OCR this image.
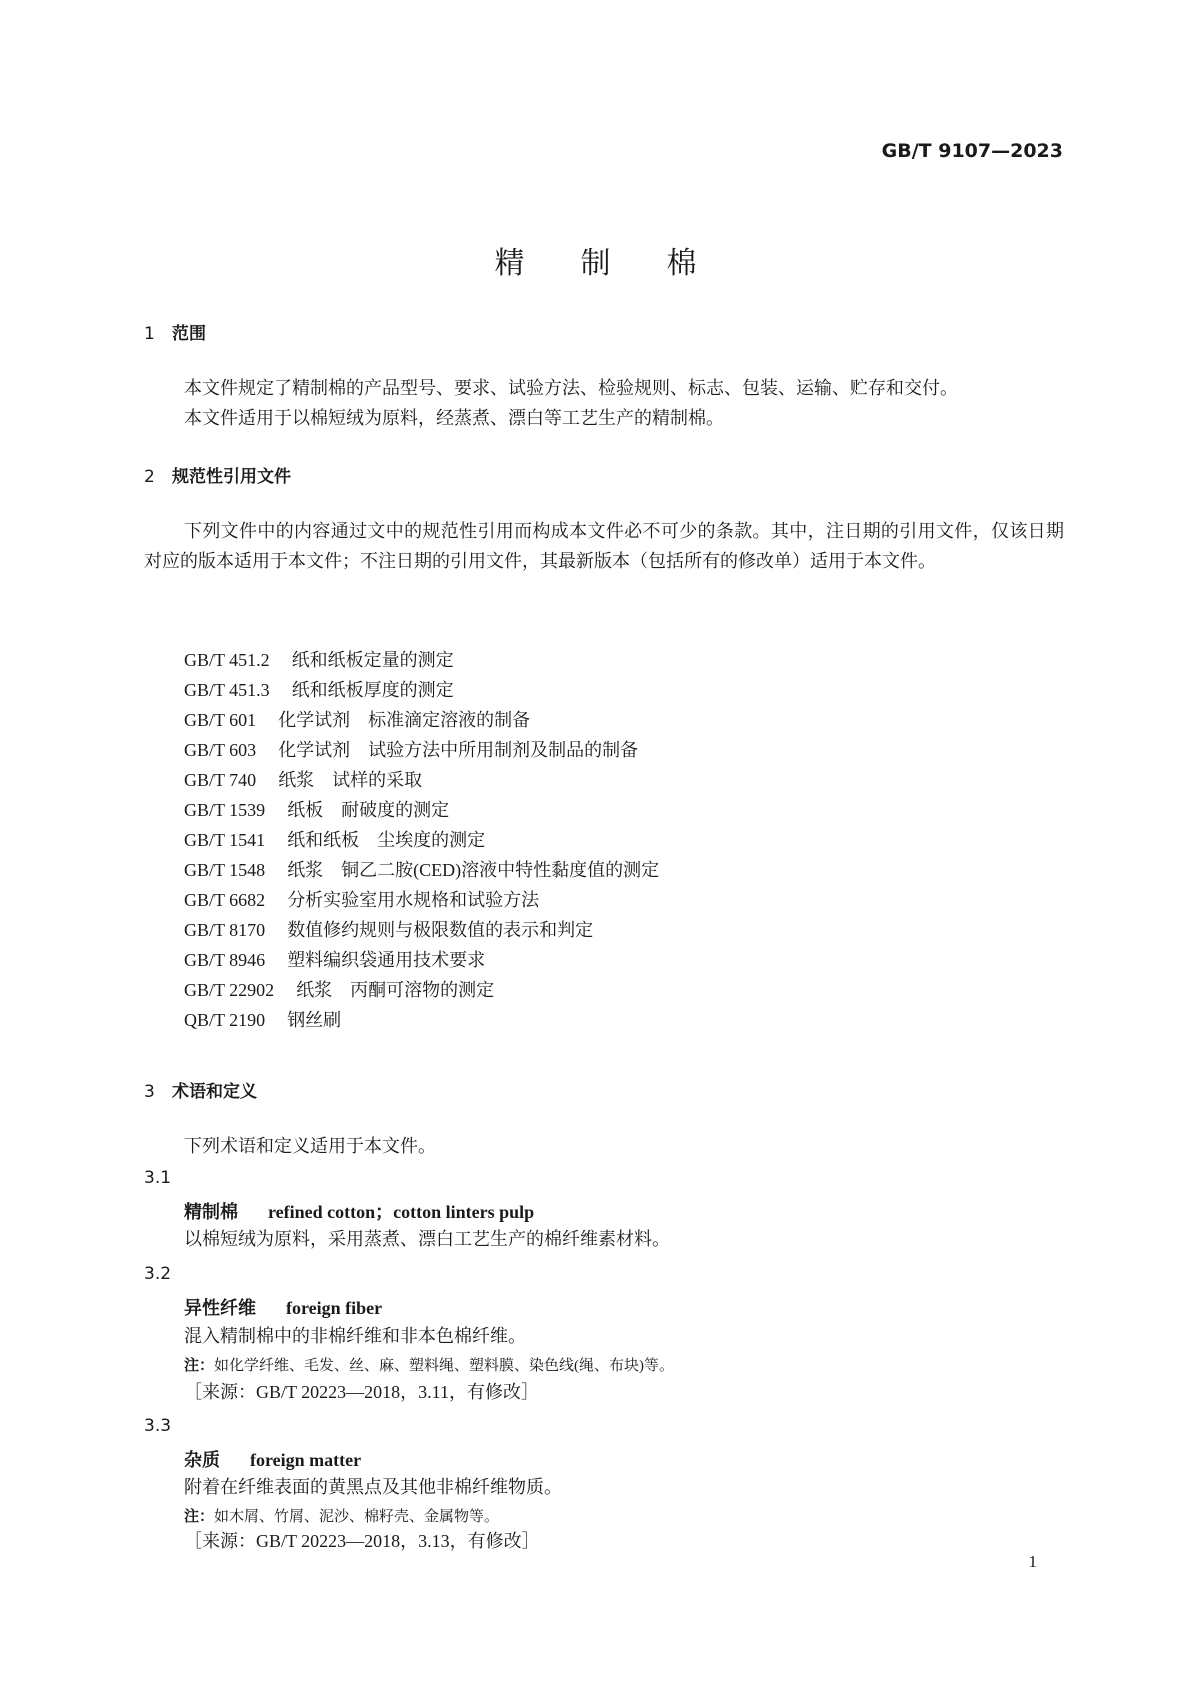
GB/T 9107—2023
精制棉
1 范围
本文件规定了精制棉的产品型号、要求、试验方法、检验规则、标志、包装、运输、贮存和交付。
本文件适用于以棉短绒为原料，经蒸煮、漂白等工艺生产的精制棉。
2 规范性引用文件
下列文件中的内容通过文中的规范性引用而构成本文件必不可少的条款。其中，注日期的引用文件，仅该日期对应的版本适用于本文件；不注日期的引用文件，其最新版本（包括所有的修改单）适用于本文件。
GB/T 451.2 纸和纸板定量的测定
GB/T 451.3 纸和纸板厚度的测定
GB/T 601 化学试剂　标准滴定溶液的制备
GB/T 603 化学试剂　试验方法中所用制剂及制品的制备
GB/T 740 纸浆　试样的采取
GB/T 1539 纸板　耐破度的测定
GB/T 1541 纸和纸板　尘埃度的测定
GB/T 1548 纸浆　铜乙二胺(CED)溶液中特性黏度值的测定
GB/T 6682 分析实验室用水规格和试验方法
GB/T 8170 数值修约规则与极限数值的表示和判定
GB/T 8946 塑料编织袋通用技术要求
GB/T 22902 纸浆　丙酮可溶物的测定
QB/T 2190 钢丝刷
3 术语和定义
下列术语和定义适用于本文件。
3.1
精制棉 refined cotton；cotton linters pulp
以棉短绒为原料，采用蒸煮、漂白工艺生产的棉纤维素材料。
3.2
异性纤维 foreign fiber
混入精制棉中的非棉纤维和非本色棉纤维。
注：如化学纤维、毛发、丝、麻、塑料绳、塑料膜、染色线(绳、布块)等。
［来源：GB/T 20223—2018，3.11，有修改］
3.3
杂质 foreign matter
附着在纤维表面的黄黑点及其他非棉纤维物质。
注：如木屑、竹屑、泥沙、棉籽壳、金属物等。
［来源：GB/T 20223—2018，3.13，有修改］
1
